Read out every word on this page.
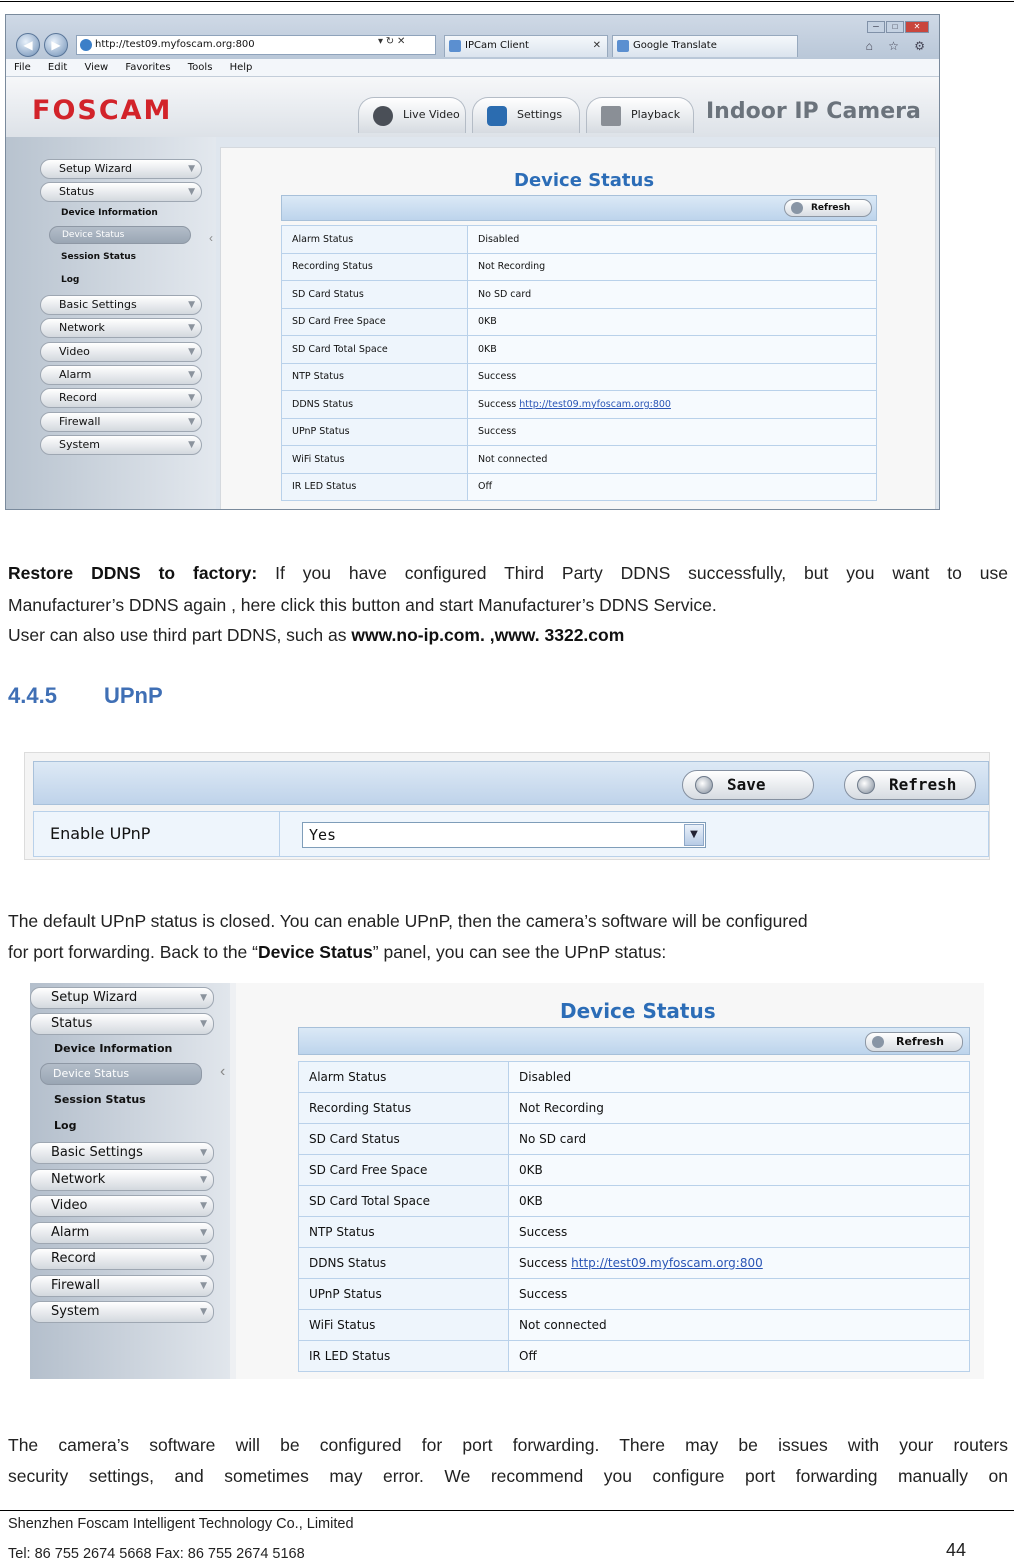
◀	▶	http://test09.myfoscam.org:800	▾ ↻ ✕	IPCam Client	✕	Google Translate
─ □ ✕
⌂ ☆ ⚙
File Edit View Favorites Tools Help
FOSCAM	Live Video	Settings	Playback	Indoor IP Camera
Setup Wizard	▼
Status	▼
Device Information
Device Status
Session Status
Log
Basic Settings	▼
Network	▼
Video	▼
Alarm	▼
Record	▼
Firewall	▼
System	▼
‹
Device Status
Refresh
Alarm Status	Disabled
Recording Status	Not Recording
SD Card Status	No SD card
SD Card Free Space	0KB
SD Card Total Space	0KB
NTP Status	Success
DDNS Status	Success http://test09.myfoscam.org:800
UPnP Status	Success
WiFi Status	Not connected
IR LED Status	Off
Restore DDNS to factory: If you have configured Third Party DDNS successfully, but you want to use
Manufacturer’s DDNS again , here click this button and start Manufacturer’s DDNS Service.
User can also use third part DDNS, such as www.no-ip.com. ,www. 3322.com
4.4.5 UPnP
Save	Refresh
Enable UPnP	Yes	▼
The default UPnP status is closed. You can enable UPnP, then the camera’s software will be configured
for port forwarding. Back to the “Device Status” panel, you can see the UPnP status:
Setup Wizard	▼
Status	▼
Device Information
Device Status
Session Status
Log
Basic Settings	▼
Network	▼
Video	▼
Alarm	▼
Record	▼
Firewall	▼
System	▼
‹
Device Status
Refresh
Alarm Status	Disabled
Recording Status	Not Recording
SD Card Status	No SD card
SD Card Free Space	0KB
SD Card Total Space	0KB
NTP Status	Success
DDNS Status	Success http://test09.myfoscam.org:800
UPnP Status	Success
WiFi Status	Not connected
IR LED Status	Off
The camera’s software will be configured for port forwarding. There may be issues with your routers
security settings, and sometimes may error. We recommend you configure port forwarding manually on
Shenzhen Foscam Intelligent Technology Co., Limited
Tel: 86 755 2674 5668 Fax: 86 755 2674 5168	44
